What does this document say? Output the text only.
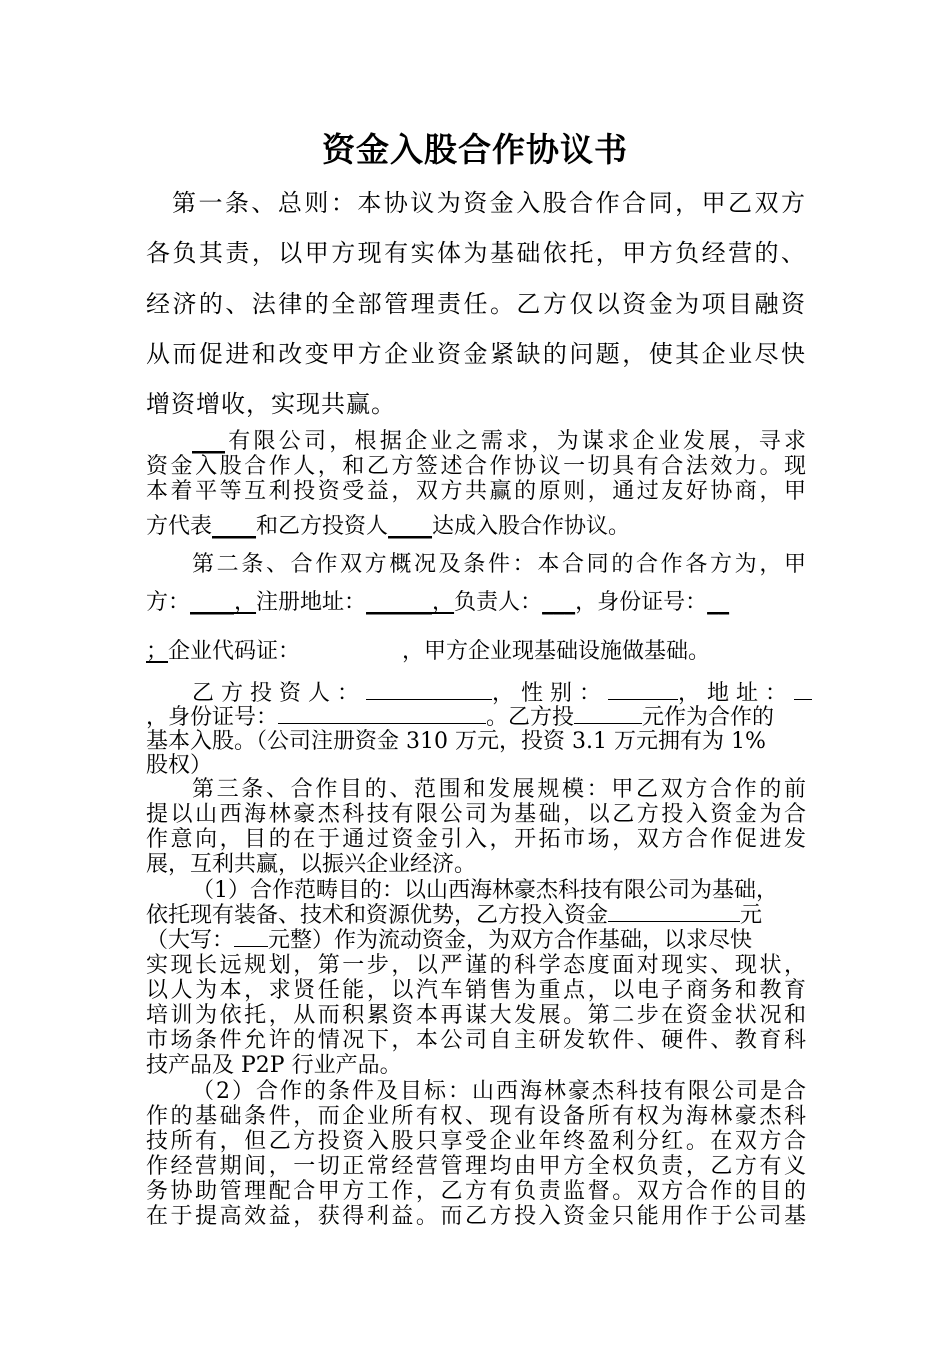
资金入股合作协议书

第一条、总则：本协议为资金入股合作合同，甲乙双方

各负其责，以甲方现有实体为基础依托，甲方负经营的、

经济的、法律的全部管理责任。乙方仅以资金为项目融资

从而促进和改变甲方企业资金紧缺的问题，使其企业尽快

增资增收，实现共赢。

___有限公司，根据企业之需求，为谋求企业发展，寻求

资金入股合作人，和乙方签述合作协议一切具有合法效力。现

本着平等互利投资受益，双方共赢的原则，通过友好协商，甲

方代表____和乙方投资人____达成入股合作协议。

第二条、合作双方概况及条件：本合同的合作各方为，甲

方：____，注册地址：______，负责人：___，身份证号：__

；企业代码证：	，甲方企业现基础设施做基础。

乙方投资人：	，性别：	，地址：

，身份证号：	。乙方投	元作为合作的

基本入股。（公司注册资金 310 万元，投资 3.1 万元拥有为 1%

股权）

第三条、合作目的、范围和发展规模：甲乙双方合作的前

提以山西海林豪杰科技有限公司为基础，以乙方投入资金为合

作意向，目的在于通过资金引入，开拓市场，双方合作促进发

展，互利共赢，以振兴企业经济。

（1）合作范畴目的：以山西海林豪杰科技有限公司为基础，

依托现有装备、技术和资源优势，乙方投入资金	元

（大写： 元整）作为流动资金，为双方合作基础，以求尽快

实现长远规划，第一步，以严谨的科学态度面对现实、现状，

以人为本，求贤任能，以汽车销售为重点，以电子商务和教育

培训为依托，从而积累资本再谋大发展。第二步在资金状况和

市场条件允许的情况下，本公司自主研发软件、硬件、教育科

技产品及 P2P 行业产品。

（2）合作的条件及目标：山西海林豪杰科技有限公司是合

作的基础条件，而企业所有权、现有设备所有权为海林豪杰科

技所有，但乙方投资入股只享受企业年终盈利分红。在双方合

作经营期间，一切正常经营管理均由甲方全权负责，乙方有义

务协助管理配合甲方工作，乙方有负责监督。双方合作的目的

在于提高效益，获得利益。而乙方投入资金只能用作于公司基
